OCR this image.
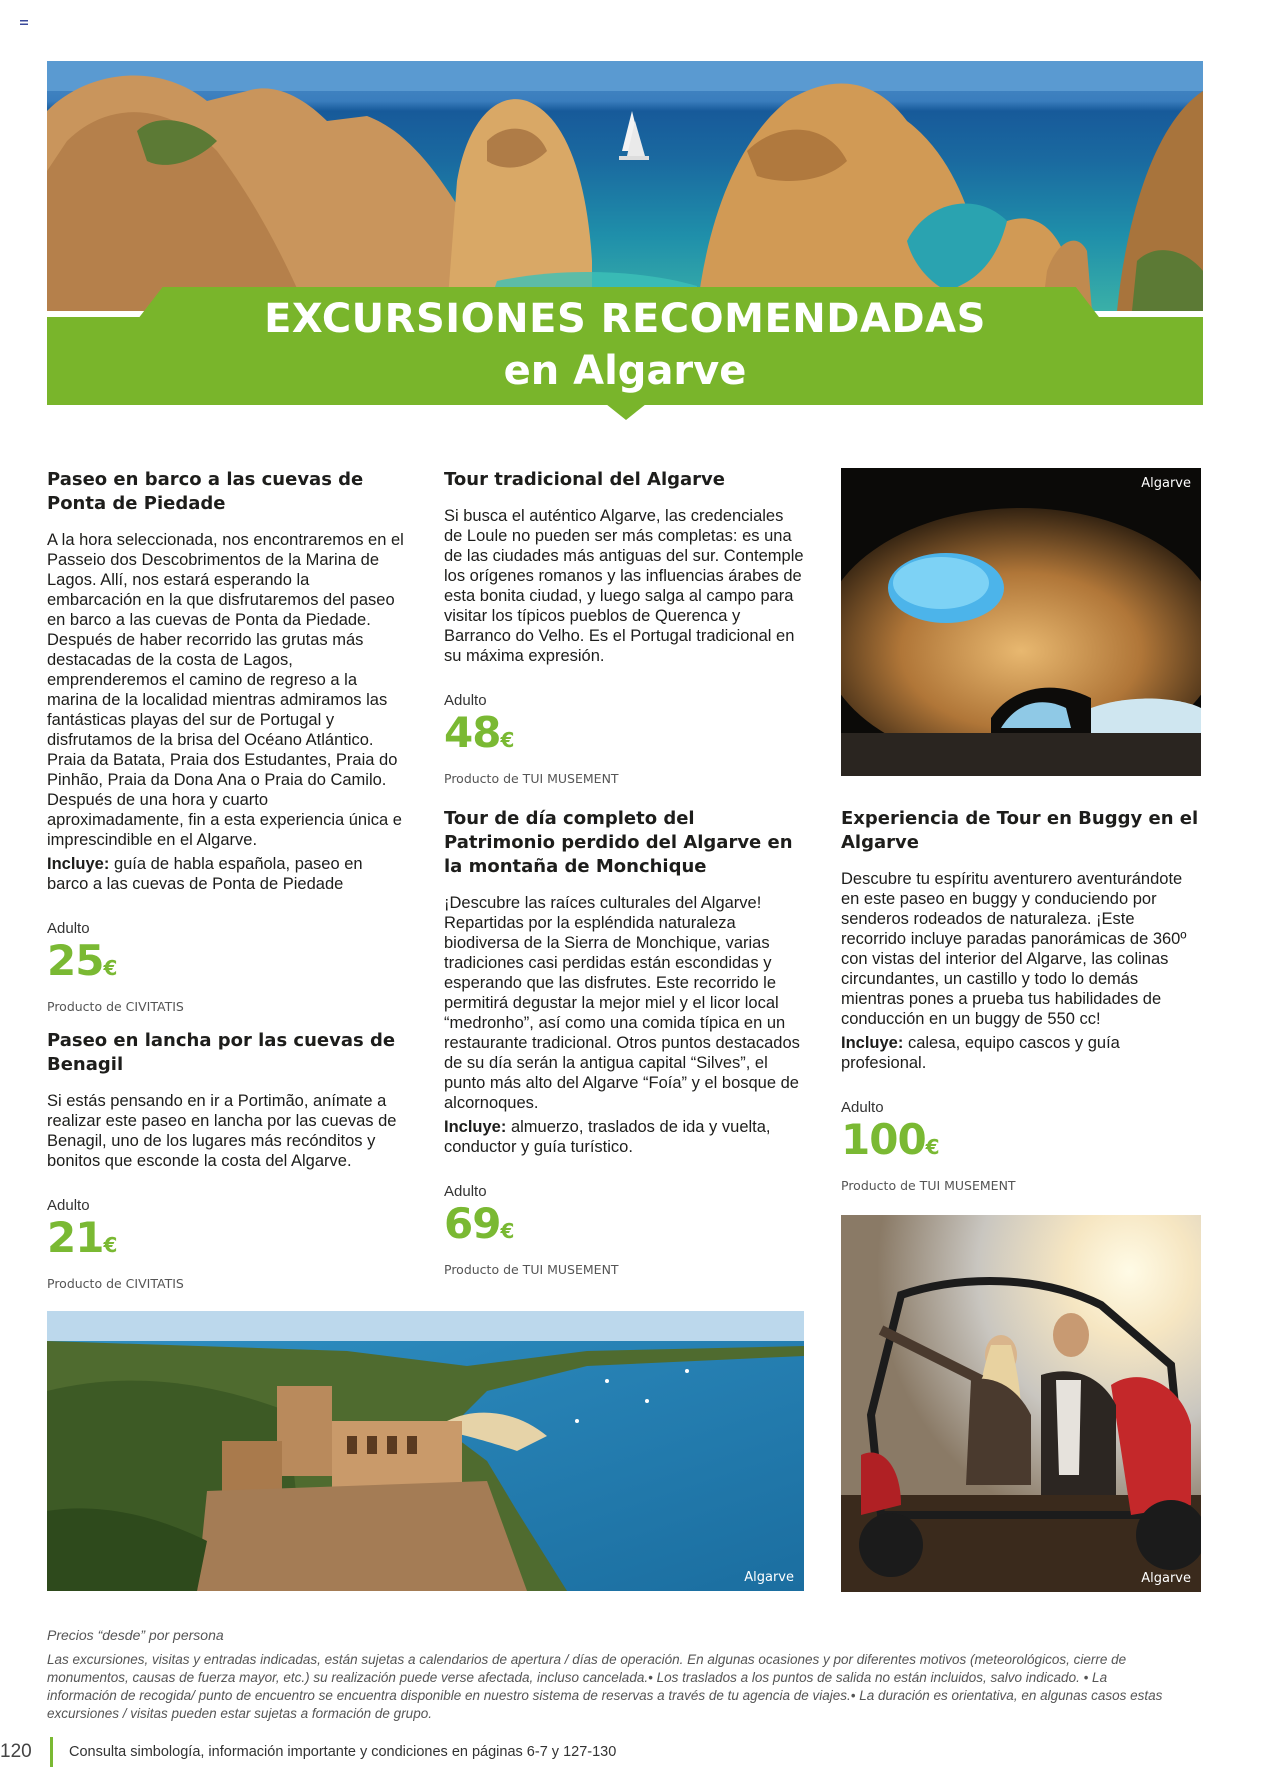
EXCURSIONES RECOMENDADAS
en Algarve
Paseo en barco a las cuevas de Ponta de Piedade

A la hora seleccionada, nos encontraremos en el Passeio dos Descobrimentos de la Marina de Lagos. Allí, nos estará esperando la embarcación en la que disfrutaremos del paseo en barco a las cuevas de Ponta da Piedade. Después de haber recorrido las grutas más destacadas de la costa de Lagos, emprenderemos el camino de regreso a la marina de la localidad mientras admiramos las fantásticas playas del sur de Portugal y disfrutamos de la brisa del Océano Atlántico. Praia da Batata, Praia dos Estudantes, Praia do Pinhão, Praia da Dona Ana o Praia do Camilo. Después de una hora y cuarto aproximadamente, fin a esta experiencia única e imprescindible en el Algarve.

Incluye: guía de habla española, paseo en barco a las cuevas de Ponta de Piedade
Adulto
25€
Producto de CIVITATIS
Paseo en lancha por las cuevas de Benagil

Si estás pensando en ir a Portimão, anímate a realizar este paseo en lancha por las cuevas de Benagil, uno de los lugares más recónditos y bonitos que esconde la costa del Algarve.

Adulto
21€
Producto de CIVITATIS
Tour tradicional del Algarve

Si busca el auténtico Algarve, las credenciales de Loule no pueden ser más completas: es una de las ciudades más antiguas del sur. Contemple los orígenes romanos y las influencias árabes de esta bonita ciudad, y luego salga al campo para visitar los típicos pueblos de Querenca y Barranco do Velho. Es el Portugal tradicional en su máxima expresión.

Adulto
48€
Producto de TUI MUSEMENT
Tour de día completo del Patrimonio perdido del Algarve en la montaña de Monchique

¡Descubre las raíces culturales del Algarve! Repartidas por la espléndida naturaleza biodiversa de la Sierra de Monchique, varias tradiciones casi perdidas están escondidas y esperando que las disfrutes. Este recorrido le permitirá degustar la mejor miel y el licor local “medronho”, así como una comida típica en un restaurante tradicional. Otros puntos destacados de su día serán la antigua capital “Silves”, el punto más alto del Algarve “Foía” y el bosque de alcornoques.

Incluye: almuerzo, traslados de ida y vuelta, conductor y guía turístico.
Adulto
69€
Producto de TUI MUSEMENT
Algarve
Experiencia de Tour en Buggy en el Algarve

Descubre tu espíritu aventurero aventurándote en este paseo en buggy y conduciendo por senderos rodeados de naturaleza. ¡Este recorrido incluye paradas panorámicas de 360º con vistas del interior del Algarve, las colinas circundantes, un castillo y todo lo demás mientras pones a prueba tus habilidades de conducción en un buggy de 550 cc!

Incluye: calesa, equipo cascos y guía profesional.
Adulto
100€
Producto de TUI MUSEMENT
Algarve	Algarve
Precios “desde” por persona
Las excursiones, visitas y entradas indicadas, están sujetas a calendarios de apertura / días de operación. En algunas ocasiones y por diferentes motivos (meteorológicos, cierre de monumentos, causas de fuerza mayor, etc.) su realización puede verse afectada, incluso cancelada.• Los traslados a los puntos de salida no están incluidos, salvo indicado. • La información de recogida/ punto de encuentro se encuentra disponible en nuestro sistema de reservas a través de tu agencia de viajes.• La duración es orientativa, en algunas casos estas excursiones / visitas pueden estar sujetas a formación de grupo.
120	Consulta simbología, información importante y condiciones en páginas 6-7 y 127-130
